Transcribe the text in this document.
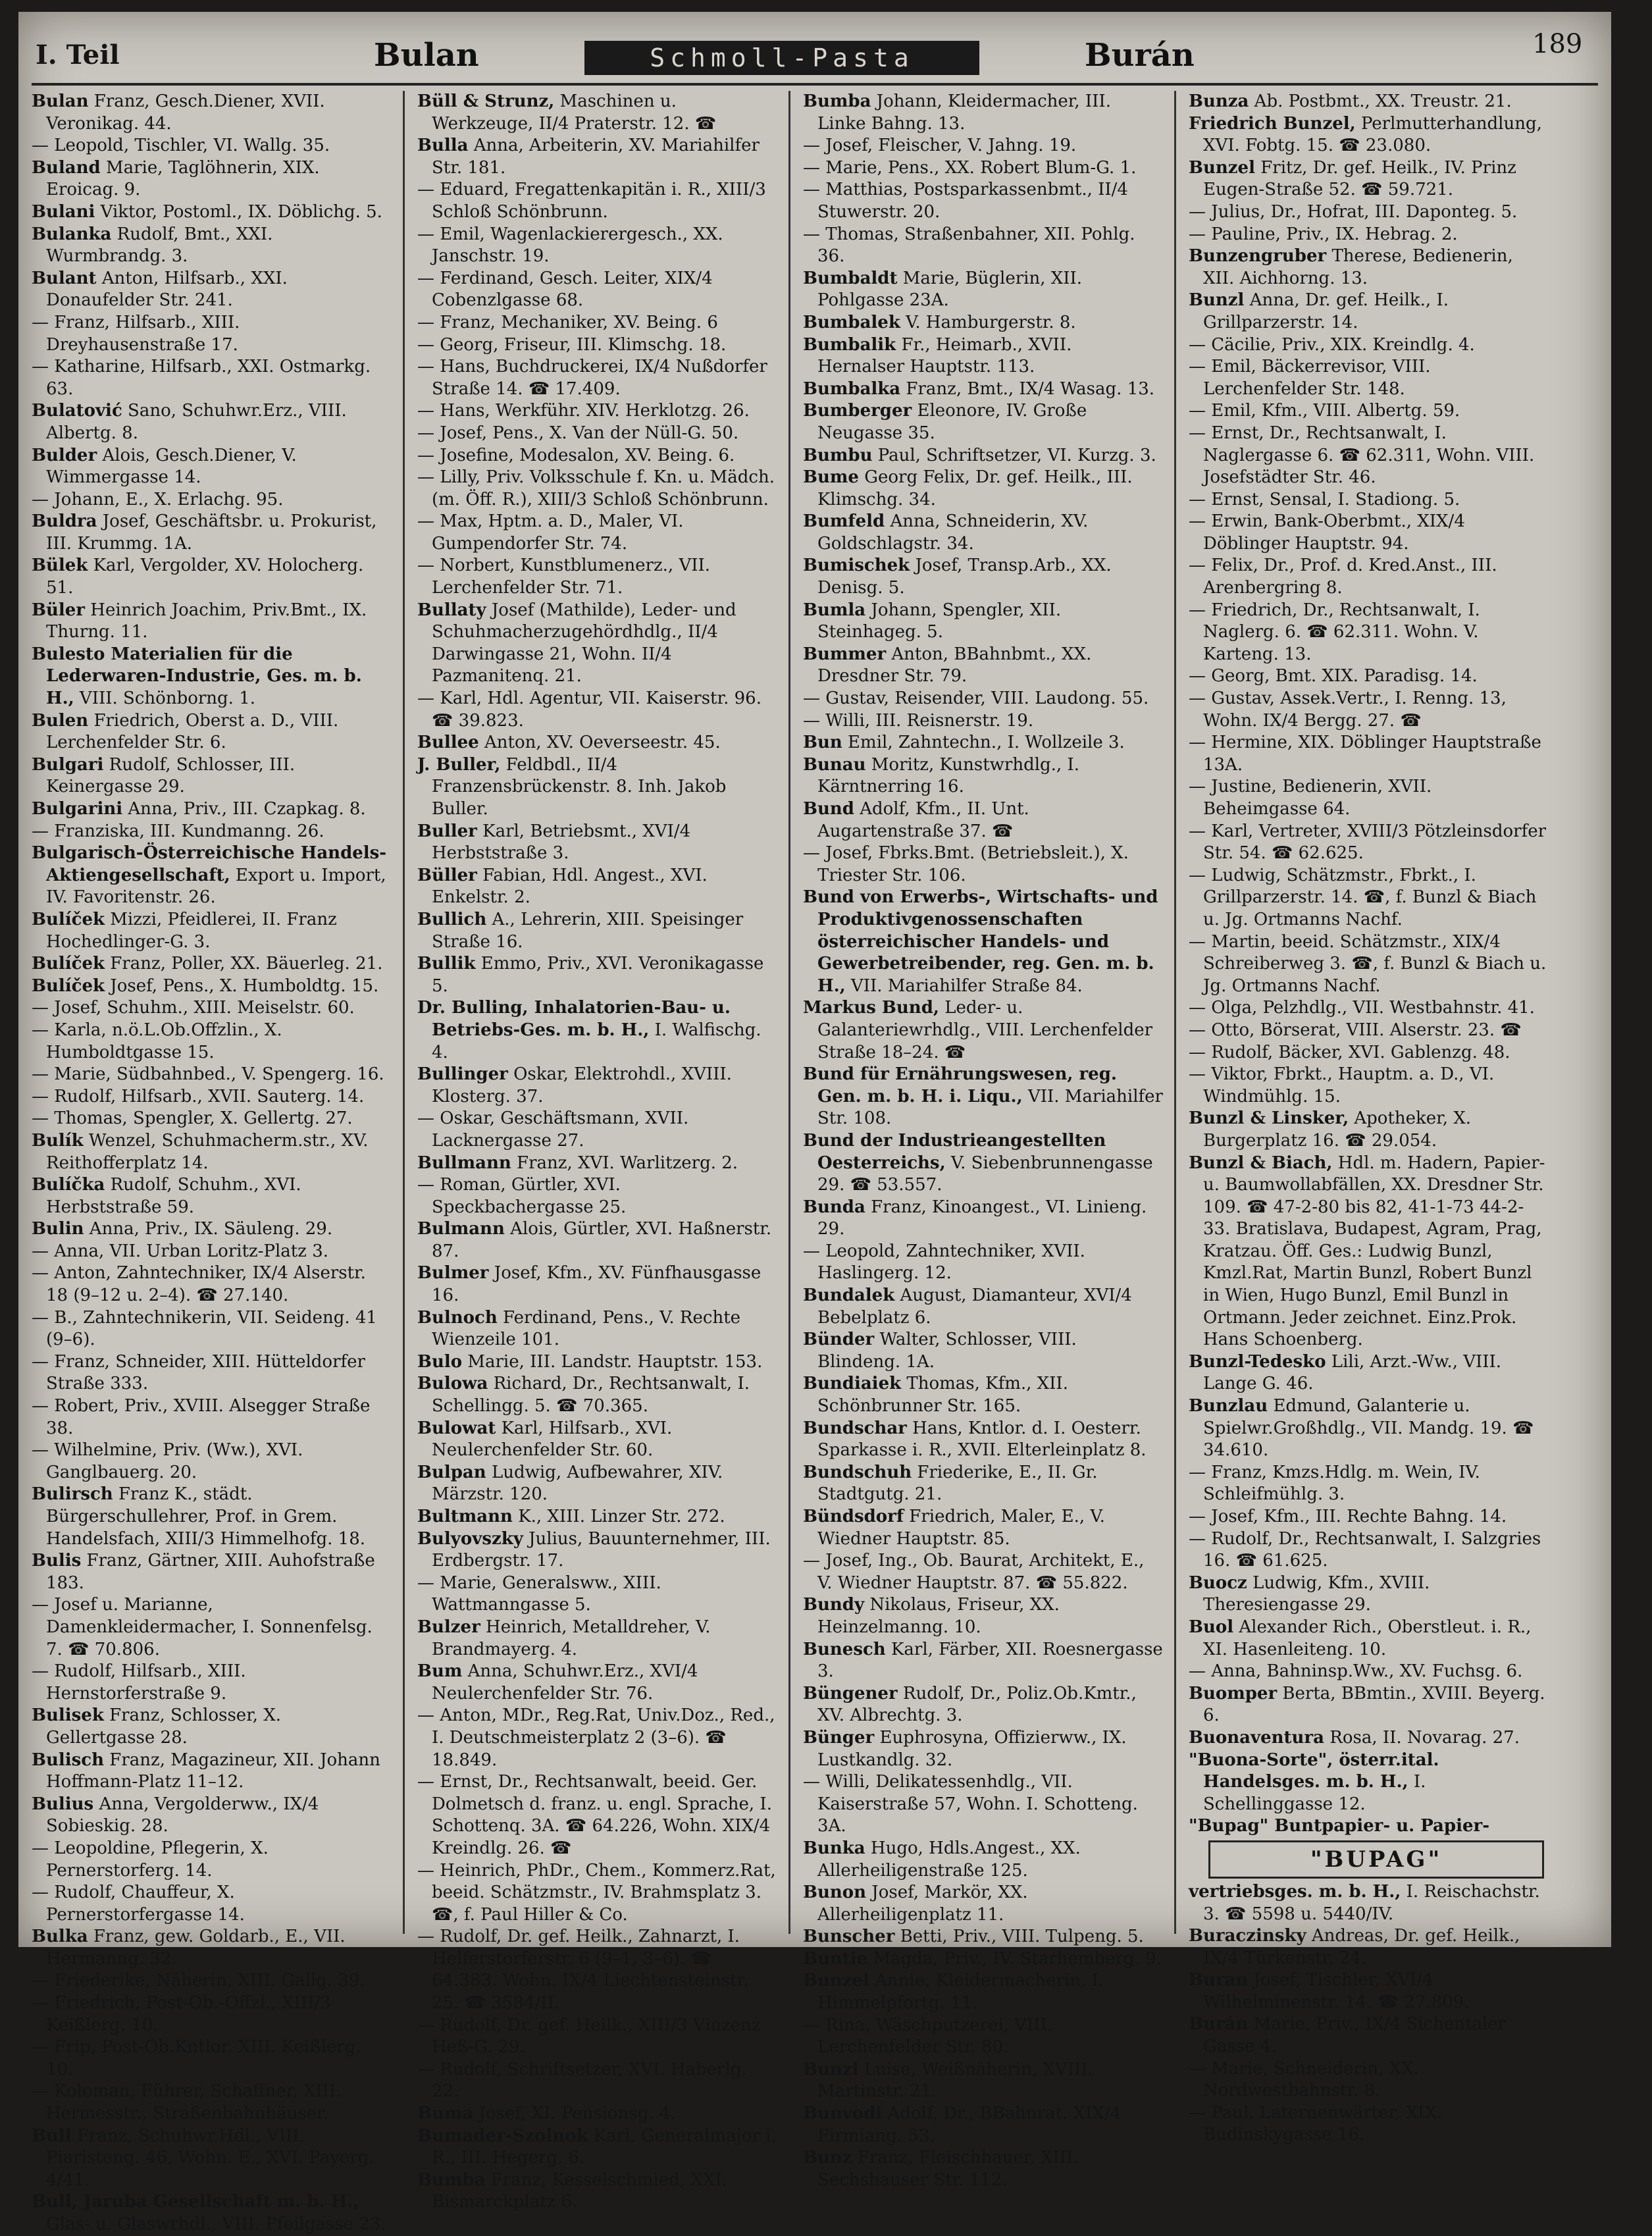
I. Teil	Bulan	Schmoll-Pasta	Burán	189
Bulan Franz, Gesch.Diener, XVII. Veronikag. 44.
— Leopold, Tischler, VI. Wallg. 35.
Buland Marie, Taglöhnerin, XIX. Eroicag. 9.
Bulani Viktor, Postoml., IX. Döblichg. 5.
Bulanka Rudolf, Bmt., XXI. Wurmbrandg. 3.
Bulant Anton, Hilfsarb., XXI. Donaufelder Str. 241.
— Franz, Hilfsarb., XIII. Dreyhausenstraße 17.
— Katharine, Hilfsarb., XXI. Ostmarkg. 63.
Bulatović Sano, Schuhwr.Erz., VIII. Albertg. 8.
Bulder Alois, Gesch.Diener, V. Wimmergasse 14.
— Johann, E., X. Erlachg. 95.
Buldra Josef, Geschäftsbr. u. Prokurist, III. Krummg. 1A.
Bülek Karl, Vergolder, XV. Holocherg. 51.
Büler Heinrich Joachim, Priv.Bmt., IX. Thurng. 11.
Bulesto Materialien für die Lederwaren-Industrie, Ges. m. b. H., VIII. Schönborng. 1.
Bulen Friedrich, Oberst a. D., VIII. Lerchenfelder Str. 6.
Bulgari Rudolf, Schlosser, III. Keinergasse 29.
Bulgarini Anna, Priv., III. Czapkag. 8.
— Franziska, III. Kundmanng. 26.
Bulgarisch-Österreichische Handels-Aktiengesellschaft, Export u. Import, IV. Favoritenstr. 26.
Bulíček Mizzi, Pfeidlerei, II. Franz Hochedlinger-G. 3.
Bulíček Franz, Poller, XX. Bäuerleg. 21.
Bulíček Josef, Pens., X. Humboldtg. 15.
— Josef, Schuhm., XIII. Meiselstr. 60.
— Karla, n.ö.L.Ob.Offzlin., X. Humboldtgasse 15.
— Marie, Südbahnbed., V. Spengerg. 16.
— Rudolf, Hilfsarb., XVII. Sauterg. 14.
— Thomas, Spengler, X. Gellertg. 27.
Bulík Wenzel, Schuhmacherm.str., XV. Reithofferplatz 14.
Bulíčka Rudolf, Schuhm., XVI. Herbststraße 59.
Bulin Anna, Priv., IX. Säuleng. 29.
— Anna, VII. Urban Loritz-Platz 3.
— Anton, Zahntechniker, IX/4 Alserstr. 18 (9–12 u. 2–4). ☎ 27.140.
— B., Zahntechnikerin, VII. Seideng. 41 (9–6).
— Franz, Schneider, XIII. Hütteldorfer Straße 333.
— Robert, Priv., XVIII. Alsegger Straße 38.
— Wilhelmine, Priv. (Ww.), XVI. Ganglbauerg. 20.
Bulirsch Franz K., städt. Bürgerschullehrer, Prof. in Grem. Handelsfach, XIII/3 Himmelhofg. 18.
Bulis Franz, Gärtner, XIII. Auhofstraße 183.
— Josef u. Marianne, Damenkleidermacher, I. Sonnenfelsg. 7. ☎ 70.806.
— Rudolf, Hilfsarb., XIII. Hernstorferstraße 9.
Bulisek Franz, Schlosser, X. Gellertgasse 28.
Bulisch Franz, Magazineur, XII. Johann Hoffmann-Platz 11–12.
Bulius Anna, Vergolderww., IX/4 Sobieskig. 28.
— Leopoldine, Pflegerin, X. Pernerstorferg. 14.
— Rudolf, Chauffeur, X. Pernerstorfergasse 14.
Bulka Franz, gew. Goldarb., E., VII. Hermanng. 32.
— Friederike, Näherin, XIII. Gallg. 39.
— Friedrich, Post-Ob.-Offzl., XIII/3 Keißlerg. 10.
— Frip, Post-Ob.Kntlor. XIII. Keißlerg. 10.
— Koloman, Führer, Schaffner, XIII. Hermesstr., Straßenbahnhäuser.
Bull Franz, Schuhwr.Hdl., VIII. Piaristeng. 46, Wohn. E., XVI. Payerg. 4/41.
Bull, Jaruba Gesellschaft m. b. H., Glas- u. Glaswrhdl., VIII. Pfeilgasse 23.
Büll & Strunz, Maschinen u. Werkzeuge, II/4 Praterstr. 12. ☎
Bulla Anna, Arbeiterin, XV. Mariahilfer Str. 181.
— Eduard, Fregattenkapitän i. R., XIII/3 Schloß Schönbrunn.
— Emil, Wagenlackierergesch., XX. Janschstr. 19.
— Ferdinand, Gesch. Leiter, XIX/4 Cobenzlgasse 68.
— Franz, Mechaniker, XV. Being. 6
— Georg, Friseur, III. Klimschg. 18.
— Hans, Buchdruckerei, IX/4 Nußdorfer Straße 14. ☎ 17.409.
— Hans, Werkführ. XIV. Herklotzg. 26.
— Josef, Pens., X. Van der Nüll-G. 50.
— Josefine, Modesalon, XV. Being. 6.
— Lilly, Priv. Volksschule f. Kn. u. Mädch. (m. Öff. R.), XIII/3 Schloß Schönbrunn.
— Max, Hptm. a. D., Maler, VI. Gumpendorfer Str. 74.
— Norbert, Kunstblumenerz., VII. Lerchenfelder Str. 71.
Bullaty Josef (Mathilde), Leder- und Schuhmacherzugehördhdlg., II/4 Darwingasse 21, Wohn. II/4 Pazmanitenq. 21.
— Karl, Hdl. Agentur, VII. Kaiserstr. 96. ☎ 39.823.
Bullee Anton, XV. Oeverseestr. 45.
J. Buller, Feldbdl., II/4 Franzensbrückenstr. 8. Inh. Jakob Buller.
Buller Karl, Betriebsmt., XVI/4 Herbststraße 3.
Büller Fabian, Hdl. Angest., XVI. Enkelstr. 2.
Bullich A., Lehrerin, XIII. Speisinger Straße 16.
Bullik Emmo, Priv., XVI. Veronikagasse 5.
Dr. Bulling, Inhalatorien-Bau- u. Betriebs-Ges. m. b. H., I. Walfischg. 4.
Bullinger Oskar, Elektrohdl., XVIII. Klosterg. 37.
— Oskar, Geschäftsmann, XVII. Lacknergasse 27.
Bullmann Franz, XVI. Warlitzerg. 2.
— Roman, Gürtler, XVI. Speckbachergasse 25.
Bulmann Alois, Gürtler, XVI. Haßnerstr. 87.
Bulmer Josef, Kfm., XV. Fünfhausgasse 16.
Bulnoch Ferdinand, Pens., V. Rechte Wienzeile 101.
Bulo Marie, III. Landstr. Hauptstr. 153.
Bulowa Richard, Dr., Rechtsanwalt, I. Schellingg. 5. ☎ 70.365.
Bulowat Karl, Hilfsarb., XVI. Neulerchenfelder Str. 60.
Bulpan Ludwig, Aufbewahrer, XIV. Märzstr. 120.
Bultmann K., XIII. Linzer Str. 272.
Bulyovszky Julius, Bauunternehmer, III. Erdbergstr. 17.
— Marie, Generalsww., XIII. Wattmanngasse 5.
Bulzer Heinrich, Metalldreher, V. Brandmayerg. 4.
Bum Anna, Schuhwr.Erz., XVI/4 Neulerchenfelder Str. 76.
— Anton, MDr., Reg.Rat, Univ.Doz., Red., I. Deutschmeisterplatz 2 (3–6). ☎ 18.849.
— Ernst, Dr., Rechtsanwalt, beeid. Ger. Dolmetsch d. franz. u. engl. Sprache, I. Schottenq. 3A. ☎ 64.226, Wohn. XIX/4 Kreindlg. 26. ☎
— Heinrich, PhDr., Chem., Kommerz.Rat, beeid. Schätzmstr., IV. Brahmsplatz 3. ☎, f. Paul Hiller & Co.
— Rudolf, Dr. gef. Heilk., Zahnarzt, I. Helferstorferstr. 6 (9–1, 3–6). ☎ 64.383. Wohn. IX/4 Liechtensteinstr. 25. ☎ 3584/II.
— Rudolf, Dr. gef. Heilk., XIII/3 Vinzenz Heß-G. 29.
— Rudolf, Schriftsetzer, XVI. Haberlg. 22.
Buma Josef, XI. Pensionsg. 4.
Bumader-Szolnok Karl, Generalmajor i. R., III. Hegerg. 6.
Bumba Franz, Kesselschmied, XXI. Bismarckplatz 6.
Bumba Johann, Kleidermacher, III. Linke Bahng. 13.
— Josef, Fleischer, V. Jahng. 19.
— Marie, Pens., XX. Robert Blum-G. 1.
— Matthias, Postsparkassenbmt., II/4 Stuwerstr. 20.
— Thomas, Straßenbahner, XII. Pohlg. 36.
Bumbaldt Marie, Büglerin, XII. Pohlgasse 23A.
Bumbalek V. Hamburgerstr. 8.
Bumbalik Fr., Heimarb., XVII. Hernalser Hauptstr. 113.
Bumbalka Franz, Bmt., IX/4 Wasag. 13.
Bumberger Eleonore, IV. Große Neugasse 35.
Bumbu Paul, Schriftsetzer, VI. Kurzg. 3.
Bume Georg Felix, Dr. gef. Heilk., III. Klimschg. 34.
Bumfeld Anna, Schneiderin, XV. Goldschlagstr. 34.
Bumischek Josef, Transp.Arb., XX. Denisg. 5.
Bumla Johann, Spengler, XII. Steinhageg. 5.
Bummer Anton, BBahnbmt., XX. Dresdner Str. 79.
— Gustav, Reisender, VIII. Laudong. 55.
— Willi, III. Reisnerstr. 19.
Bun Emil, Zahntechn., I. Wollzeile 3.
Bunau Moritz, Kunstwrhdlg., I. Kärntnerring 16.
Bund Adolf, Kfm., II. Unt. Augartenstraße 37. ☎
— Josef, Fbrks.Bmt. (Betriebsleit.), X. Triester Str. 106.
Bund von Erwerbs-, Wirtschafts- und Produktivgenossenschaften österreichischer Handels- und Gewerbetreibender, reg. Gen. m. b. H., VII. Mariahilfer Straße 84.
Markus Bund, Leder- u. Galanteriewrhdlg., VIII. Lerchenfelder Straße 18–24. ☎
Bund für Ernährungswesen, reg. Gen. m. b. H. i. Liqu., VII. Mariahilfer Str. 108.
Bund der Industrieangestellten Oesterreichs, V. Siebenbrunnengasse 29. ☎ 53.557.
Bunda Franz, Kinoangest., VI. Linieng. 29.
— Leopold, Zahntechniker, XVII. Haslingerg. 12.
Bundalek August, Diamanteur, XVI/4 Bebelplatz 6.
Bünder Walter, Schlosser, VIII. Blindeng. 1A.
Bundiaiek Thomas, Kfm., XII. Schönbrunner Str. 165.
Bundschar Hans, Kntlor. d. I. Oesterr. Sparkasse i. R., XVII. Elterleinplatz 8.
Bundschuh Friederike, E., II. Gr. Stadtgutg. 21.
Bündsdorf Friedrich, Maler, E., V. Wiedner Hauptstr. 85.
— Josef, Ing., Ob. Baurat, Architekt, E., V. Wiedner Hauptstr. 87. ☎ 55.822.
Bundy Nikolaus, Friseur, XX. Heinzelmanng. 10.
Bunesch Karl, Färber, XII. Roesnergasse 3.
Büngener Rudolf, Dr., Poliz.Ob.Kmtr., XV. Albrechtg. 3.
Bünger Euphrosyna, Offizierww., IX. Lustkandlg. 32.
— Willi, Delikatessenhdlg., VII. Kaiserstraße 57, Wohn. I. Schotteng. 3A.
Bunka Hugo, Hdls.Angest., XX. Allerheiligenstraße 125.
Bunon Josef, Markör, XX. Allerheiligenplatz 11.
Bunscher Betti, Priv., VIII. Tulpeng. 5.
Buntie Magda, Priv., IV. Starhemberg. 9.
Bunzel Annie, Kleidermacherin, I. Himmelpfortg. 11.
— Rina, Wäschputzerei, VIII. Lerchenfelder Str. 80.
Bunzl Luise, Weißnäherin, XVIII. Martinstr. 21.
Bunvodi Adolf, Dr., BBahnrat, XIX/4 Firmiang. 53.
Bunz Franz, Fleischhauer, XIII. Sechshauser Str. 112.
Bunza Ab. Postbmt., XX. Treustr. 21.
Friedrich Bunzel, Perlmutterhandlung, XVI. Fobtg. 15. ☎ 23.080.
Bunzel Fritz, Dr. gef. Heilk., IV. Prinz Eugen-Straße 52. ☎ 59.721.
— Julius, Dr., Hofrat, III. Daponteg. 5.
— Pauline, Priv., IX. Hebrag. 2.
Bunzengruber Therese, Bedienerin, XII. Aichhorng. 13.
Bunzl Anna, Dr. gef. Heilk., I. Grillparzerstr. 14.
— Cäcilie, Priv., XIX. Kreindlg. 4.
— Emil, Bäckerrevisor, VIII. Lerchenfelder Str. 148.
— Emil, Kfm., VIII. Albertg. 59.
— Ernst, Dr., Rechtsanwalt, I. Naglergasse 6. ☎ 62.311, Wohn. VIII. Josefstädter Str. 46.
— Ernst, Sensal, I. Stadiong. 5.
— Erwin, Bank-Oberbmt., XIX/4 Döblinger Hauptstr. 94.
— Felix, Dr., Prof. d. Kred.Anst., III. Arenbergring 8.
— Friedrich, Dr., Rechtsanwalt, I. Naglerg. 6. ☎ 62.311. Wohn. V. Karteng. 13.
— Georg, Bmt. XIX. Paradisg. 14.
— Gustav, Assek.Vertr., I. Renng. 13, Wohn. IX/4 Bergg. 27. ☎
— Hermine, XIX. Döblinger Hauptstraße 13A.
— Justine, Bedienerin, XVII. Beheimgasse 64.
— Karl, Vertreter, XVIII/3 Pötzleinsdorfer Str. 54. ☎ 62.625.
— Ludwig, Schätzmstr., Fbrkt., I. Grillparzerstr. 14. ☎, f. Bunzl & Biach u. Jg. Ortmanns Nachf.
— Martin, beeid. Schätzmstr., XIX/4 Schreiberweg 3. ☎, f. Bunzl & Biach u. Jg. Ortmanns Nachf.
— Olga, Pelzhdlg., VII. Westbahnstr. 41.
— Otto, Börserat, VIII. Alserstr. 23. ☎
— Rudolf, Bäcker, XVI. Gablenzg. 48.
— Viktor, Fbrkt., Hauptm. a. D., VI. Windmühlg. 15.
Bunzl & Linsker, Apotheker, X. Burgerplatz 16. ☎ 29.054.
Bunzl & Biach, Hdl. m. Hadern, Papier- u. Baumwollabfällen, XX. Dresdner Str. 109. ☎ 47-2-80 bis 82, 41-1-73 44-2-33. Bratislava, Budapest, Agram, Prag, Kratzau. Öff. Ges.: Ludwig Bunzl, Kmzl.Rat, Martin Bunzl, Robert Bunzl in Wien, Hugo Bunzl, Emil Bunzl in Ortmann. Jeder zeichnet. Einz.Prok. Hans Schoenberg.
Bunzl-Tedesko Lili, Arzt.-Ww., VIII. Lange G. 46.
Bunzlau Edmund, Galanterie u. Spielwr.Großhdlg., VII. Mandg. 19. ☎ 34.610.
— Franz, Kmzs.Hdlg. m. Wein, IV. Schleifmühlg. 3.
— Josef, Kfm., III. Rechte Bahng. 14.
— Rudolf, Dr., Rechtsanwalt, I. Salzgries 16. ☎ 61.625.
Buocz Ludwig, Kfm., XVIII. Theresiengasse 29.
Buol Alexander Rich., Oberstleut. i. R., XI. Hasenleiteng. 10.
— Anna, Bahninsp.Ww., XV. Fuchsg. 6.
Buomper Berta, BBmtin., XVIII. Beyerg. 6.
Buonaventura Rosa, II. Novarag. 27.
"Buona-Sorte", österr.ital. Handelsges. m. b. H., I. Schellinggasse 12.
"Bupag" Buntpapier- u. Papier-
"BUPAG"
vertriebsges. m. b. H., I. Reischachstr. 3. ☎ 5598 u. 5440/IV.
Buraczinsky Andreas, Dr. gef. Heilk., IX/4 Türkenstr. 24.
Buran Josef, Tischler, XVI/4 Wilhelminenstr. 14. ☎ 27.809.
Burán Marie, Priv., IX/4 Sichentaler Gasse 4.
— Marie, Schneiderin, XX. Nordwestbahnstr. 8.
— Paul, Laternenwärter, XIX. Budinskygasse 16.
